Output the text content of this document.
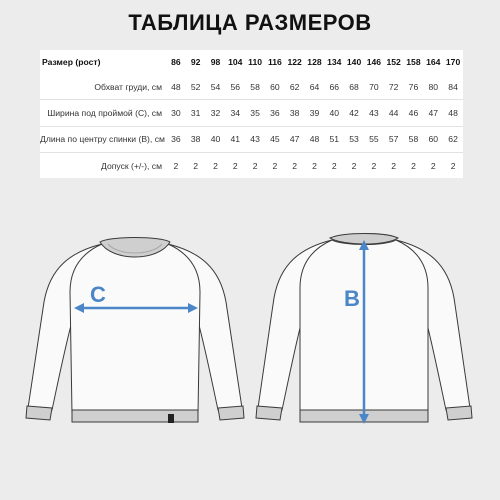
ТАБЛИЦА РАЗМЕРОВ
Размер (рост)	86	92	98	104	110	116	122	128	134	140	146	152	158	164	170
Обхват груди, см	48	52	54	56	58	60	62	64	66	68	70	72	76	80	84
Ширина под проймой (C), см	30	31	32	34	35	36	38	39	40	42	43	44	46	47	48
Длина по центру спинки (B), см	36	38	40	41	43	45	47	48	51	53	55	57	58	60	62
Допуск (+/-), см	2	2	2	2	2	2	2	2	2	2	2	2	2	2	2
C	B
